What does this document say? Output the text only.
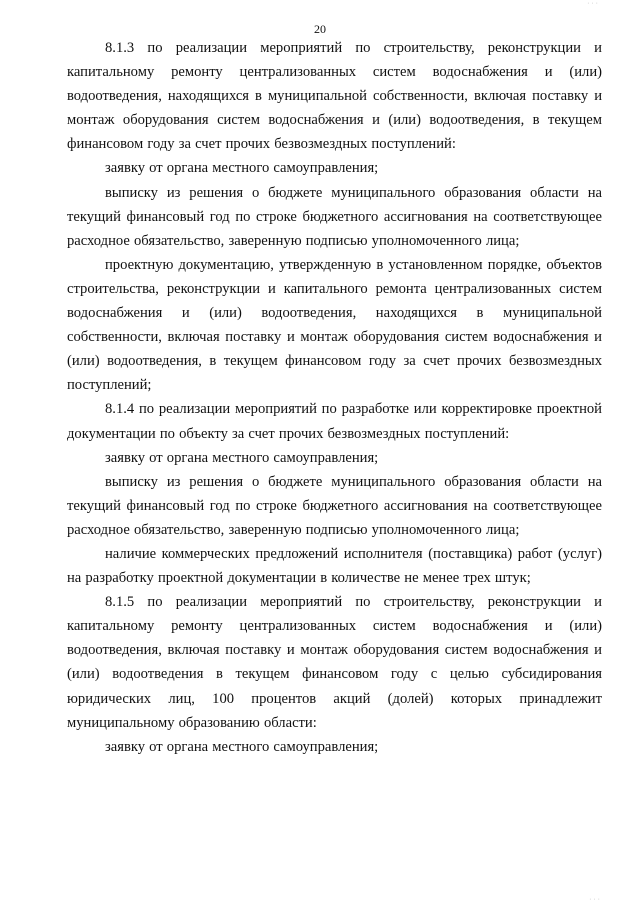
· · ·
20

8.1.3 по реализации мероприятий по строительству, реконструкции и капитальному ремонту централизованных систем водоснабжения и (или) водоотведения, находящихся в муниципальной собственности, включая поставку и монтаж оборудования систем водоснабжения и (или) водоотведения, в текущем финансовом году за счет прочих безвозмездных поступлений:

заявку от органа местного самоуправления;

выписку из решения о бюджете муниципального образования области на текущий финансовый год по строке бюджетного ассигнования на соответствующее расходное обязательство, заверенную подписью уполномоченного лица;

проектную документацию, утвержденную в установленном порядке, объектов строительства, реконструкции и капитального ремонта централизованных систем водоснабжения и (или) водоотведения, находящихся в муниципальной собственности, включая поставку и монтаж оборудования систем водоснабжения и (или) водоотведения, в текущем финансовом году за счет прочих безвозмездных поступлений;

8.1.4 по реализации мероприятий по разработке или корректировке проектной документации по объекту за счет прочих безвозмездных поступлений:

заявку от органа местного самоуправления;

выписку из решения о бюджете муниципального образования области на текущий финансовый год по строке бюджетного ассигнования на соответствующее расходное обязательство, заверенную подписью уполномоченного лица;

наличие коммерческих предложений исполнителя (поставщика) работ (услуг) на разработку проектной документации в количестве не менее трех штук;

8.1.5 по реализации мероприятий по строительству, реконструкции и капитальному ремонту централизованных систем водоснабжения и (или) водоотведения, включая поставку и монтаж оборудования систем водоснабжения и (или) водоотведения в текущем финансовом году с целью субсидирования юридических лиц, 100 процентов акций (долей) которых принадлежит муниципальному образованию области:

заявку от органа местного самоуправления;

· · ·
